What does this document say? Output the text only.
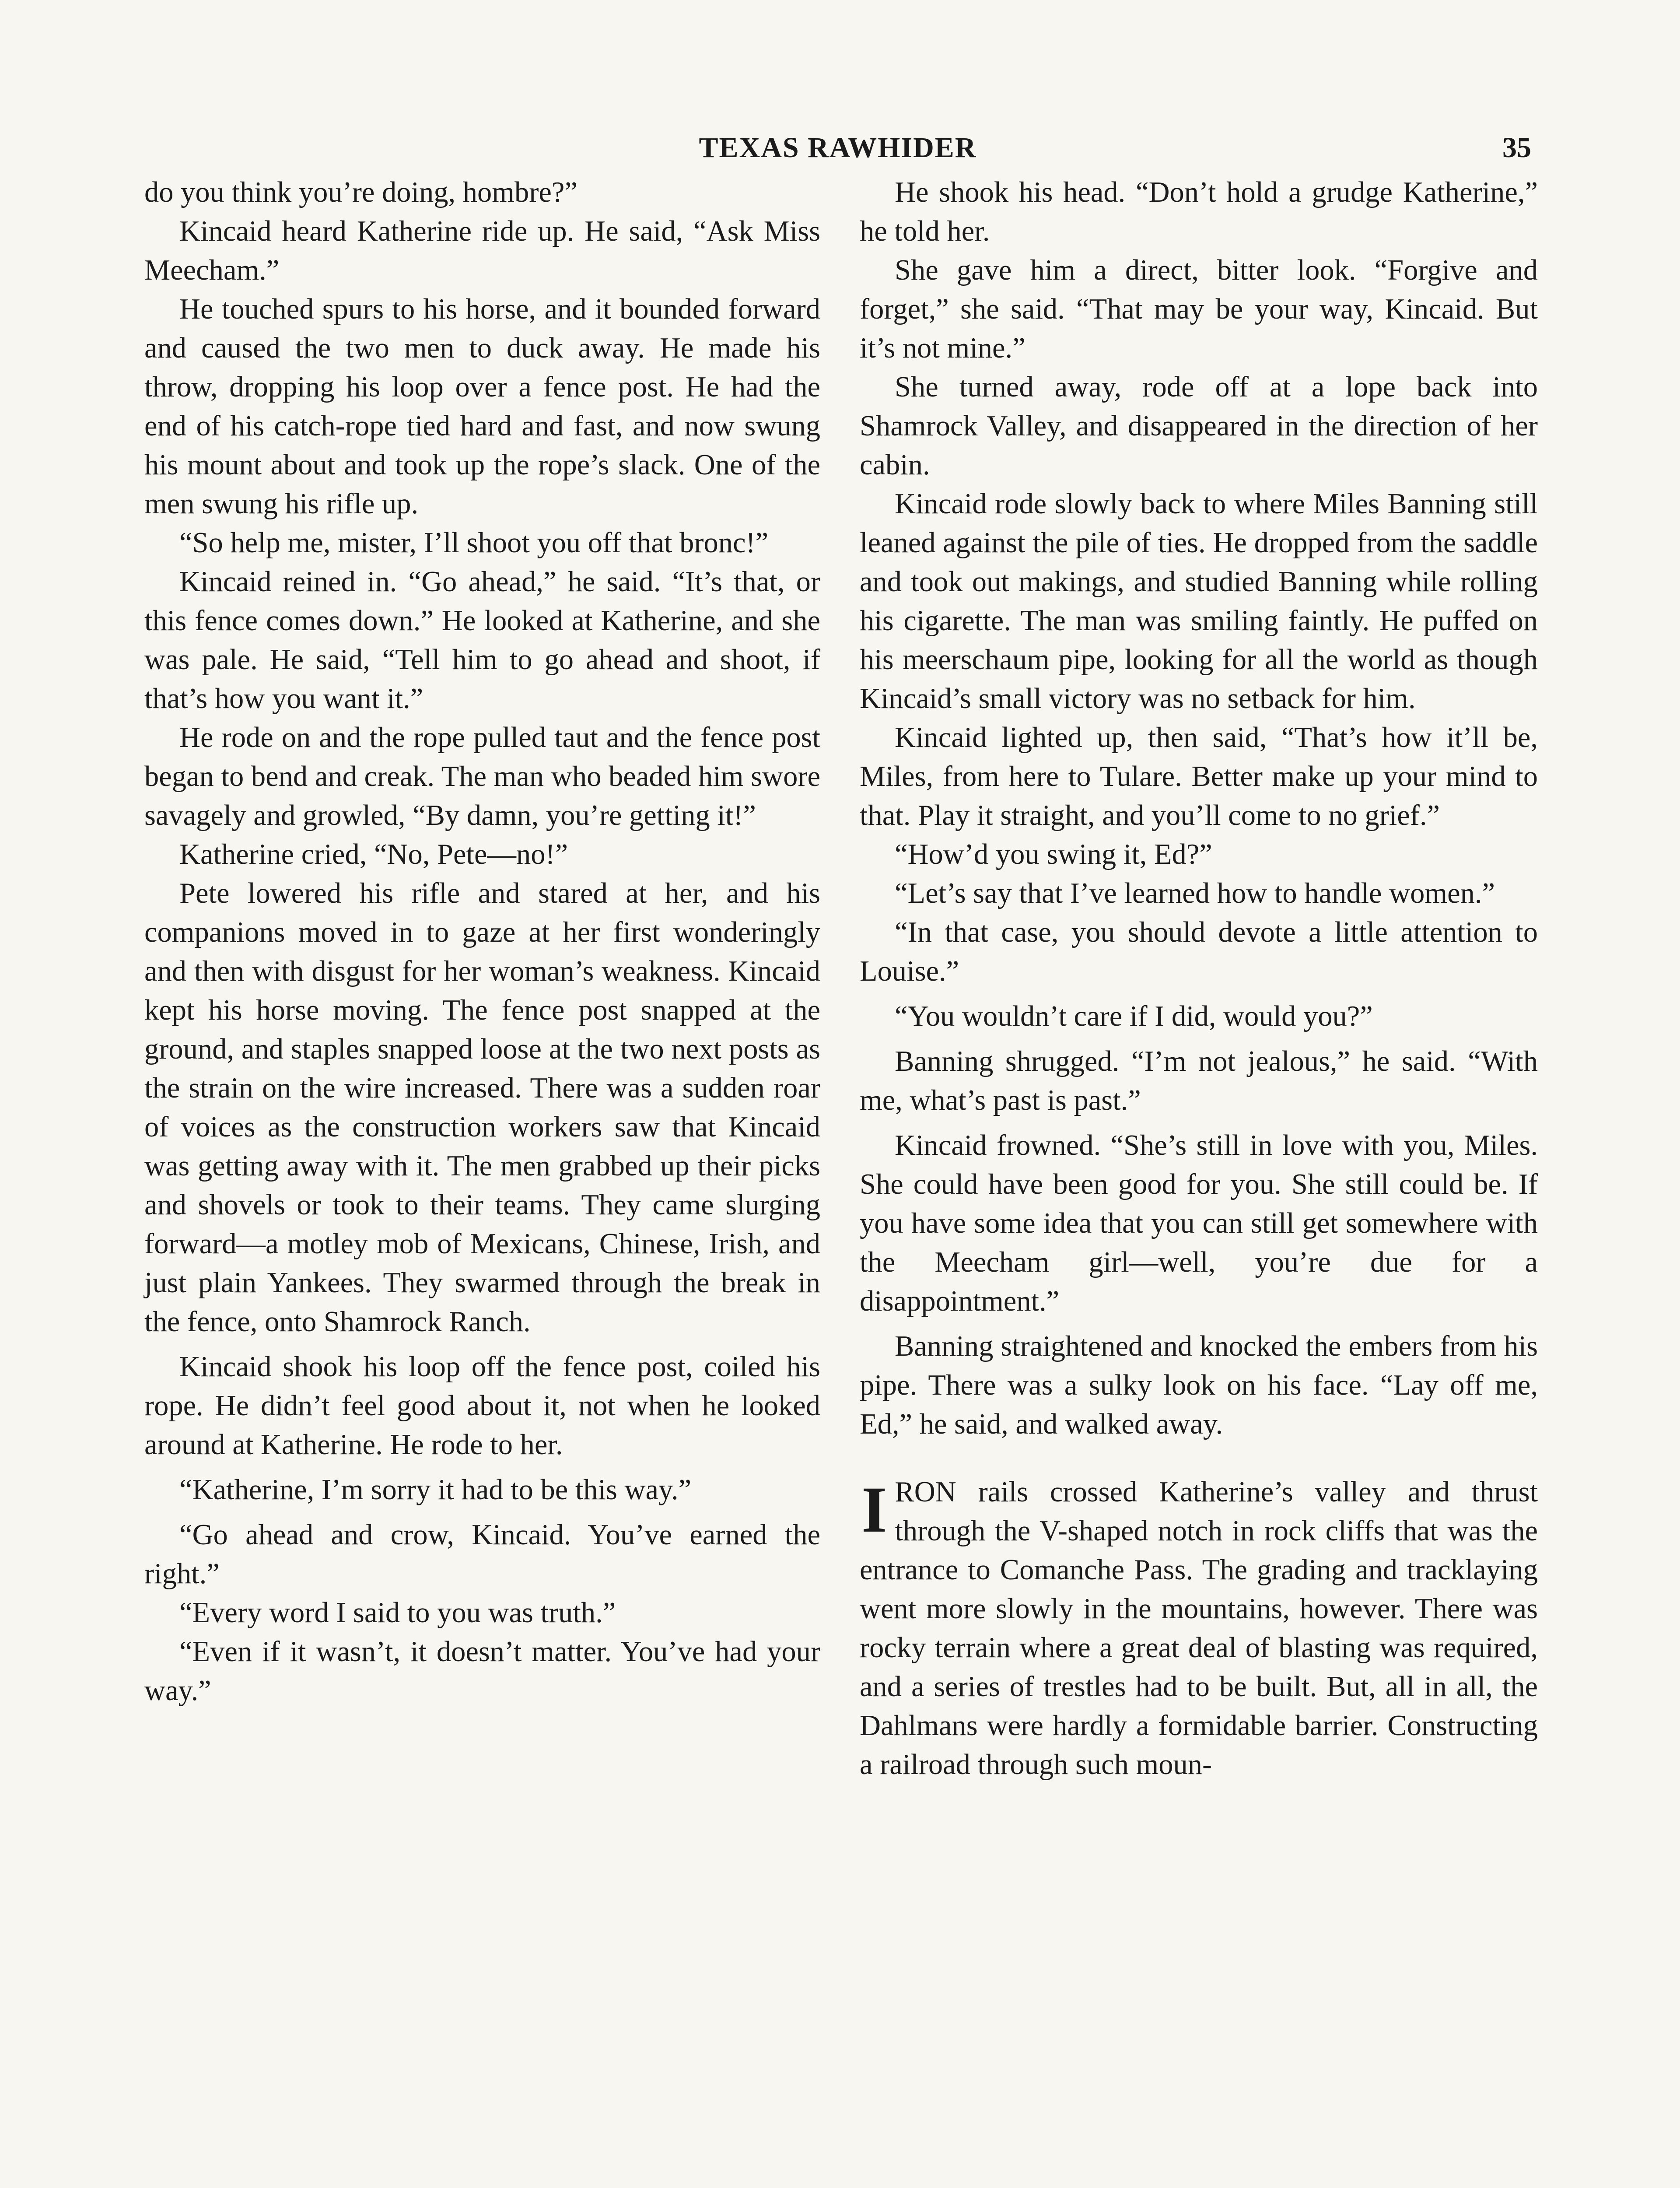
TEXAS RAWHIDER	35

do you think you’re doing, hombre?”

Kincaid heard Katherine ride up. He said, “Ask Miss Meecham.”

He touched spurs to his horse, and it bounded forward and caused the two men to duck away. He made his throw, dropping his loop over a fence post. He had the end of his catch-rope tied hard and fast, and now swung his mount about and took up the rope’s slack. One of the men swung his rifle up.

“So help me, mister, I’ll shoot you off that bronc!”

Kincaid reined in. “Go ahead,” he said. “It’s that, or this fence comes down.” He looked at Katherine, and she was pale. He said, “Tell him to go ahead and shoot, if that’s how you want it.”

He rode on and the rope pulled taut and the fence post began to bend and creak. The man who beaded him swore savagely and growled, “By damn, you’re getting it!”

Katherine cried, “No, Pete—no!”

Pete lowered his rifle and stared at her, and his companions moved in to gaze at her first wonderingly and then with disgust for her woman’s weakness. Kincaid kept his horse moving. The fence post snapped at the ground, and staples snapped loose at the two next posts as the strain on the wire increased. There was a sudden roar of voices as the construction workers saw that Kincaid was getting away with it. The men grabbed up their picks and shovels or took to their teams. They came slurging forward—a motley mob of Mexicans, Chinese, Irish, and just plain Yankees. They swarmed through the break in the fence, onto Shamrock Ranch.

Kincaid shook his loop off the fence post, coiled his rope. He didn’t feel good about it, not when he looked around at Katherine. He rode to her.

“Katherine, I’m sorry it had to be this way.”

“Go ahead and crow, Kincaid. You’ve earned the right.”

“Every word I said to you was truth.”

“Even if it wasn’t, it doesn’t matter. You’ve had your way.”

He shook his head. “Don’t hold a grudge Katherine,” he told her.

She gave him a direct, bitter look. “Forgive and forget,” she said. “That may be your way, Kincaid. But it’s not mine.”

She turned away, rode off at a lope back into Shamrock Valley, and disappeared in the direction of her cabin.

Kincaid rode slowly back to where Miles Banning still leaned against the pile of ties. He dropped from the saddle and took out makings, and studied Banning while rolling his cigarette. The man was smiling faintly. He puffed on his meerschaum pipe, looking for all the world as though Kincaid’s small victory was no setback for him.

Kincaid lighted up, then said, “That’s how it’ll be, Miles, from here to Tulare. Better make up your mind to that. Play it straight, and you’ll come to no grief.”

“How’d you swing it, Ed?”

“Let’s say that I’ve learned how to handle women.”

“In that case, you should devote a little attention to Louise.”

“You wouldn’t care if I did, would you?”

Banning shrugged. “I’m not jealous,” he said. “With me, what’s past is past.”

Kincaid frowned. “She’s still in love with you, Miles. She could have been good for you. She still could be. If you have some idea that you can still get somewhere with the Meecham girl—well, you’re due for a disappointment.”

Banning straightened and knocked the embers from his pipe. There was a sulky look on his face. “Lay off me, Ed,” he said, and walked away.

IRON rails crossed Katherine’s valley and thrust through the V-shaped notch in rock cliffs that was the entrance to Comanche Pass. The grading and tracklaying went more slowly in the mountains, however. There was rocky terrain where a great deal of blasting was required, and a series of trestles had to be built. But, all in all, the Dahlmans were hardly a formidable barrier. Constructing a railroad through such moun-
